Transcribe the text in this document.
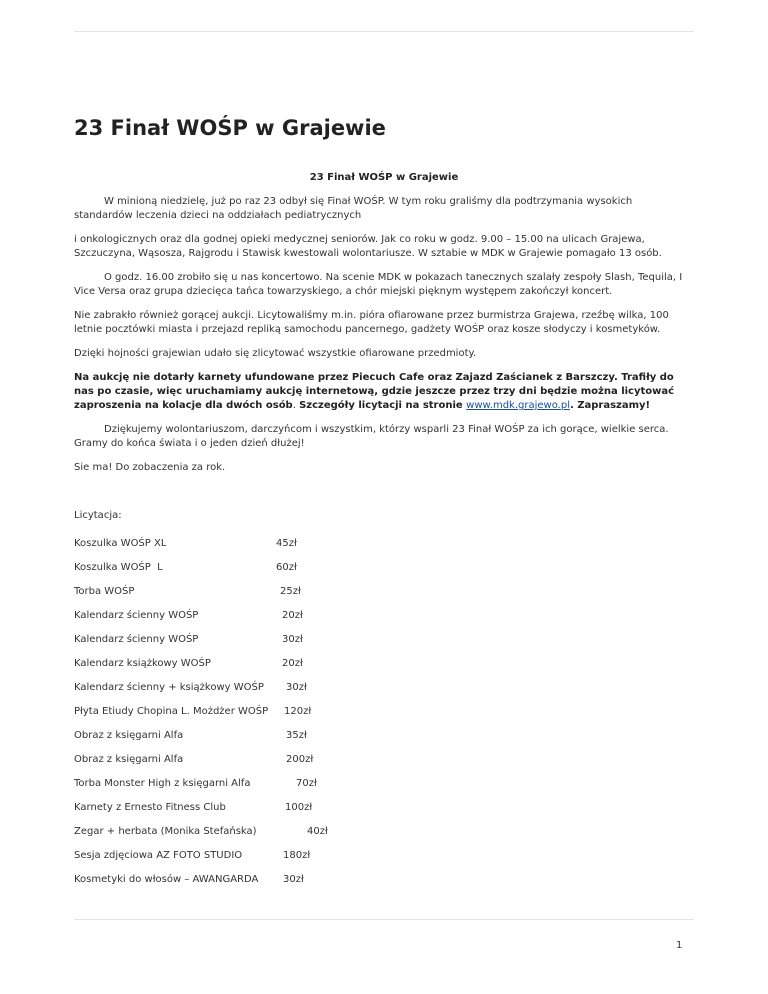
23 Finał WOŚP w Grajewie

23 Finał WOŚP w Grajewie

W minioną niedzielę, już po raz 23 odbył się Finał WOŚP. W tym roku graliśmy dla podtrzymania wysokich standardów leczenia dzieci na oddziałach pediatrycznych

i onkologicznych oraz dla godnej opieki medycznej seniorów. Jak co roku w godz. 9.00 – 15.00 na ulicach Grajewa, Szczuczyna, Wąsosza, Rajgrodu i Stawisk kwestowali wolontariusze. W sztabie w MDK w Grajewie pomagało 13 osób.

O godz. 16.00 zrobiło się u nas koncertowo. Na scenie MDK w pokazach tanecznych szalały zespoły Slash, Tequila, I Vice Versa oraz grupa dziecięca tańca towarzyskiego, a chór miejski pięknym występem zakończył koncert.

Nie zabrakło również gorącej aukcji. Licytowaliśmy m.in. pióra ofiarowane przez burmistrza Grajewa, rzeźbę wilka, 100 letnie pocztówki miasta i przejazd repliką samochodu pancernego, gadżety WOŚP oraz kosze słodyczy i kosmetyków.

Dzięki hojności grajewian udało się zlicytować wszystkie ofiarowane przedmioty.

Na aukcję nie dotarły karnety ufundowane przez Piecuch Cafe oraz Zajazd Zaścianek z Barszczy. Trafiły do nas po czasie, więc uruchamiamy aukcję internetową, gdzie jeszcze przez trzy dni będzie można licytować zaproszenia na kolacje dla dwóch osób. Szczegóły licytacji na stronie www.mdk.grajewo.pl. Zapraszamy!

Dziękujemy wolontariuszom, darczyńcom i wszystkim, którzy wsparli 23 Finał WOŚP za ich gorące, wielkie serca. Gramy do końca świata i o jeden dzień dłużej!

Sie ma! Do zobaczenia za rok.

Licytacja:

Koszulka WOŚP XL	45zł
Koszulka WOŚP  L	60zł
Torba WOŚP	25zł
Kalendarz ścienny WOŚP	20zł
Kalendarz ścienny WOŚP	30zł
Kalendarz książkowy WOŚP	20zł
Kalendarz ścienny + książkowy WOŚP 30zł
Płyta Etiudy Chopina L. Możdżer WOŚP 120zł
Obraz z księgarni Alfa	35zł
Obraz z księgarni Alfa	200zł
Torba Monster High z księgarni Alfa	70zł
Karnety z Ernesto Fitness Club	100zł
Zegar + herbata (Monika Stefańska)	40zł
Sesja zdjęciowa AZ FOTO STUDIO	180zł
Kosmetyki do włosów – AWANGARDA 30zł
1
